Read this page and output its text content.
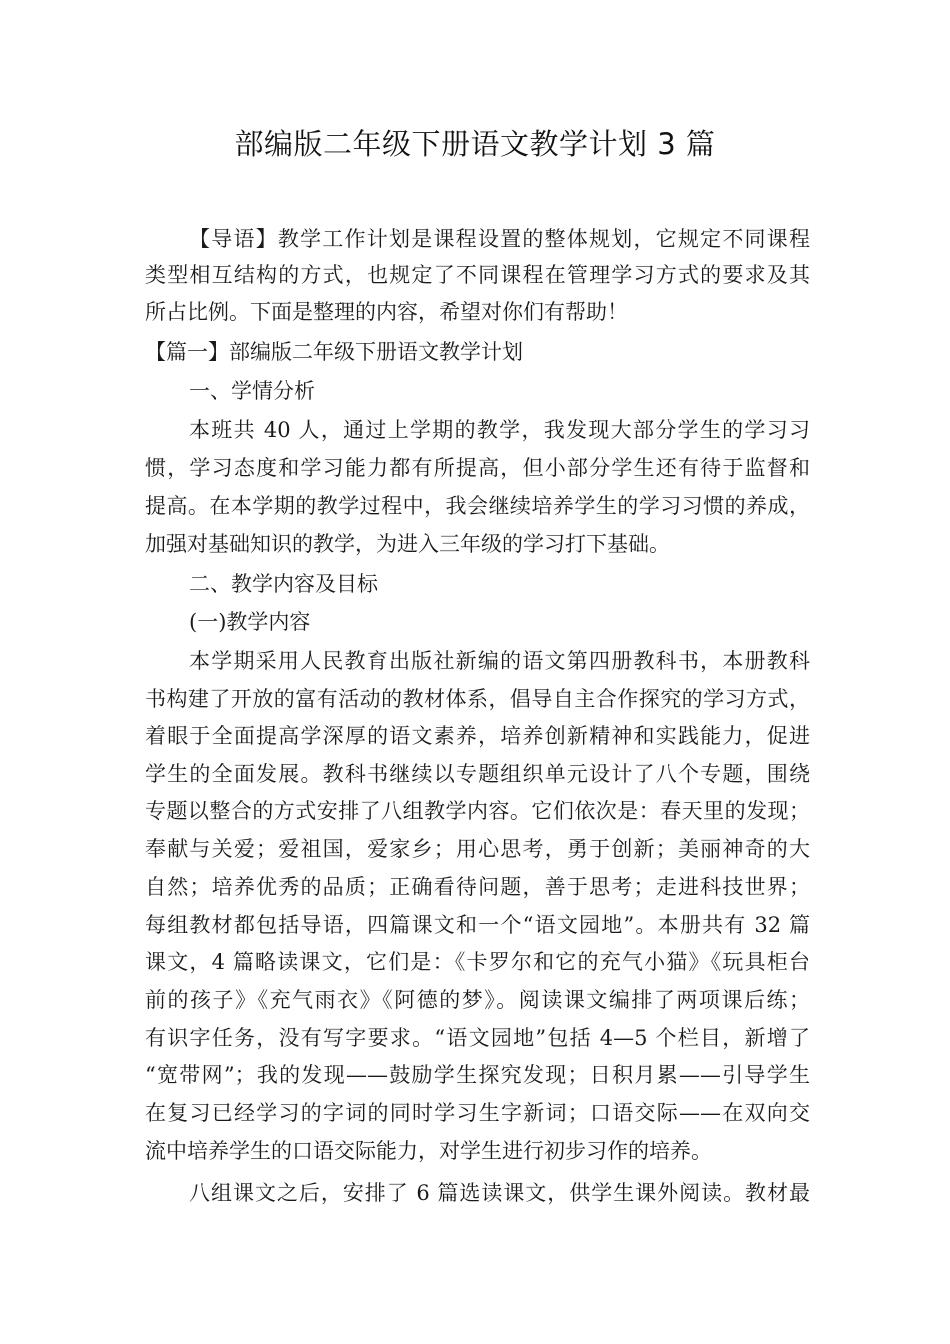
部编版二年级下册语文教学计划 3 篇
【导语】教学工作计划是课程设置的整体规划，它规定不同课程
类型相互结构的方式，也规定了不同课程在管理学习方式的要求及其
所占比例。下面是整理的内容，希望对你们有帮助！
【篇一】部编版二年级下册语文教学计划
一、学情分析
本班共 40 人，通过上学期的教学，我发现大部分学生的学习习
惯，学习态度和学习能力都有所提高，但小部分学生还有待于监督和
提高。在本学期的教学过程中，我会继续培养学生的学习习惯的养成，
加强对基础知识的教学，为进入三年级的学习打下基础。
二、教学内容及目标
(一)教学内容
本学期采用人民教育出版社新编的语文第四册教科书，本册教科
书构建了开放的富有活动的教材体系，倡导自主合作探究的学习方式，
着眼于全面提高学深厚的语文素养，培养创新精神和实践能力，促进
学生的全面发展。教科书继续以专题组织单元设计了八个专题，围绕
专题以整合的方式安排了八组教学内容。它们依次是：春天里的发现；
奉献与关爱；爱祖国，爱家乡；用心思考，勇于创新；美丽神奇的大
自然；培养优秀的品质；正确看待问题，善于思考；走进科技世界；
每组教材都包括导语，四篇课文和一个“语文园地”。本册共有 32 篇
课文，4 篇略读课文，它们是：《卡罗尔和它的充气小猫》《玩具柜台
前的孩子》《充气雨衣》《阿德的梦》。阅读课文编排了两项课后练；
有识字任务，没有写字要求。“语文园地”包括 4—5 个栏目，新增了
“宽带网”；我的发现——鼓励学生探究发现；日积月累——引导学生
在复习已经学习的字词的同时学习生字新词；口语交际——在双向交
流中培养学生的口语交际能力，对学生进行初步习作的培养。
八组课文之后，安排了 6 篇选读课文，供学生课外阅读。教材最
